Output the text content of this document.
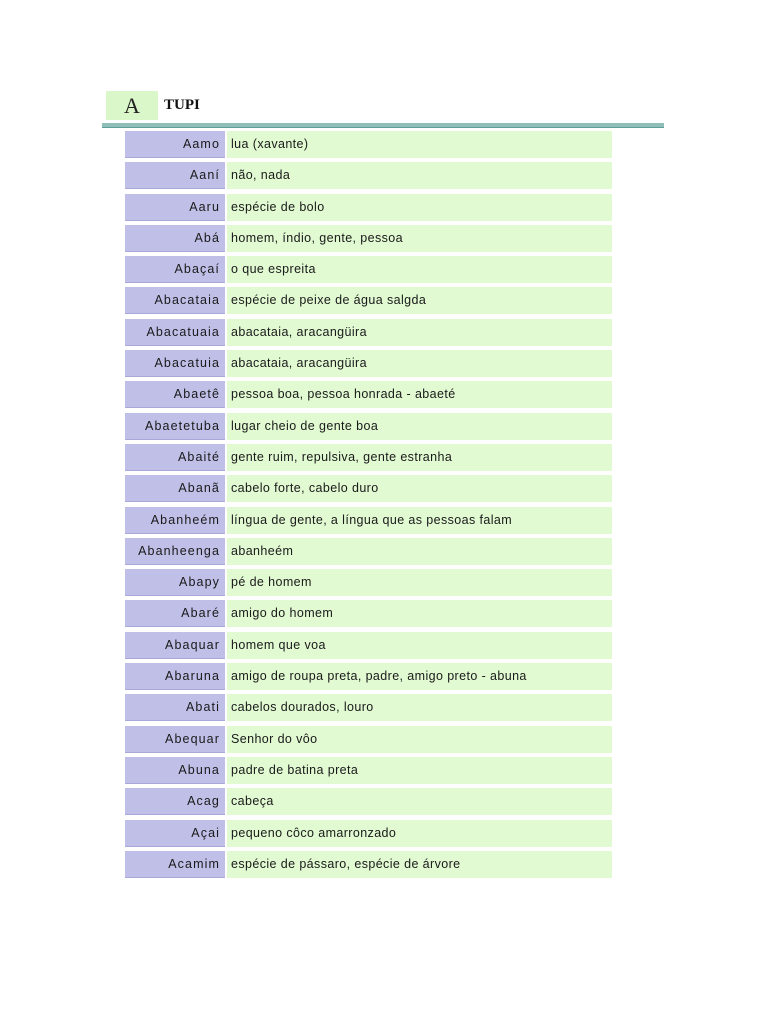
A	TUPI
Aamo lua (xavante)
Aaní não, nada
Aaru espécie de bolo
Abá homem, índio, gente, pessoa
Abaçaí o que espreita
Abacataia espécie de peixe de água salgda
Abacatuaia abacataia, aracangüira
Abacatuia abacataia, aracangüira
Abaetê pessoa boa, pessoa honrada - abaeté
Abaetetuba lugar cheio de gente boa
Abaité gente ruim, repulsiva, gente estranha
Abanã cabelo forte, cabelo duro
Abanheém língua de gente, a língua que as pessoas falam
Abanheenga abanheém
Abapy pé de homem
Abaré amigo do homem
Abaquar homem que voa
Abaruna amigo de roupa preta, padre, amigo preto - abuna
Abati cabelos dourados, louro
Abequar Senhor do vôo
Abuna padre de batina preta
Acag cabeça
Açai pequeno côco amarronzado
Acamim espécie de pássaro, espécie de árvore
